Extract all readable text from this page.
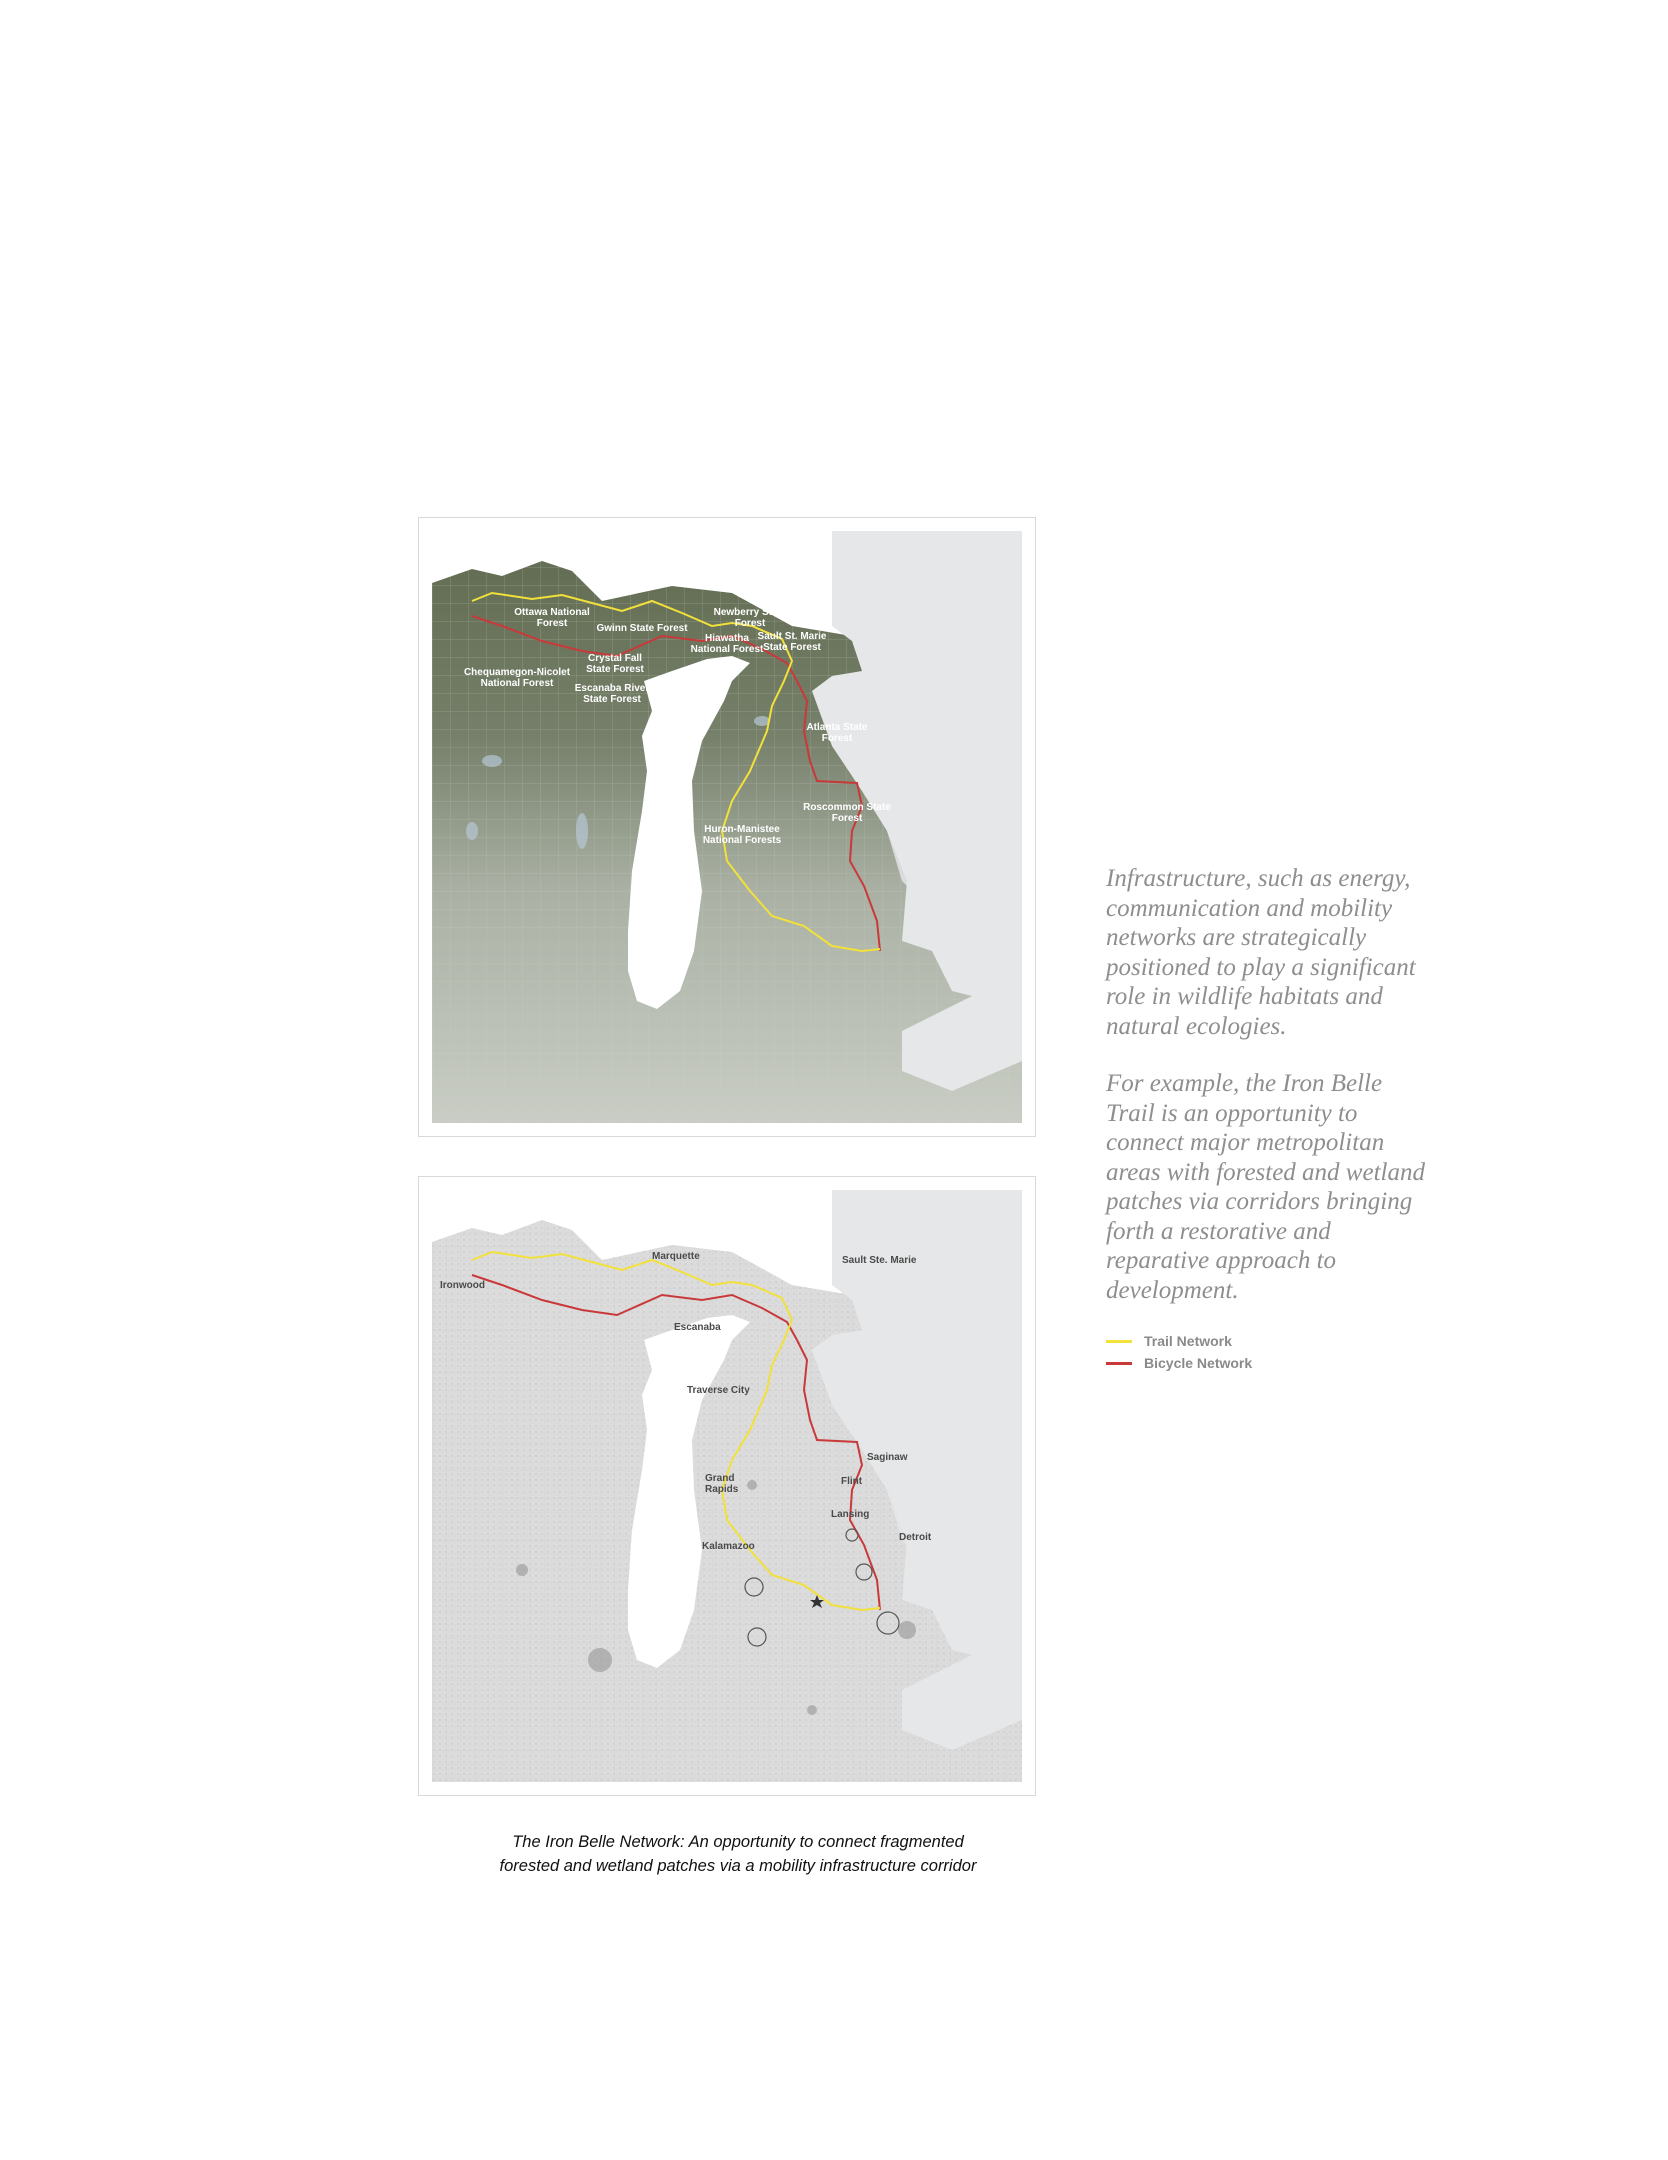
Ottawa National Forest	Gwinn State Forest
Newberry State Forest
Hiawatha National Forest
Sault St. Marie State Forest
Chequamegon-Nicolet National Forest
Crystal Fall State Forest
Escanaba River State Forest
Atlanta State Forest
Roscommon State Forest
Huron-Manistee National Forests
Marquette	Sault Ste. Marie
Ironwood
Escanaba
Traverse City
Saginaw
Grand Rapids
Flint
Lansing
Detroit
Kalamazoo

Infrastructure, such as energy, communication and mobility networks are strategically positioned to play a significant role in wildlife habitats and natural ecologies.

For example, the Iron Belle Trail is an opportunity to connect major metropolitan areas with forested and wetland patches via corridors bringing forth a restorative and reparative approach to development.

Trail Network
Bicycle Network
The Iron Belle Network: An opportunity to connect fragmented
forested and wetland patches via a mobility infrastructure corridor
